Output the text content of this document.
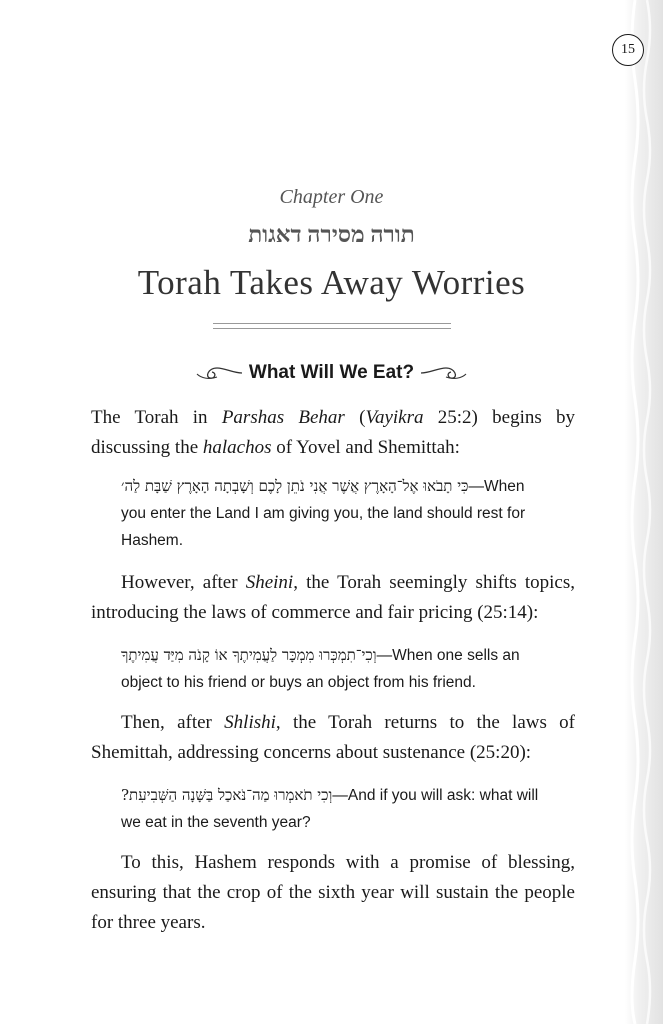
15
Chapter One
תורה מסירה דאגות
Torah Takes Away Worries
What Will We Eat?

The Torah in Parshas Behar (Vayikra 25:2) begins by discussing the halachos of Yovel and Shemittah:

כִּי תָבֹאוּ אֶל־הָאָרֶץ אֲשֶׁר אֲנִי נֹתֵן לָכֶם וְשָׁבְתָה הָאָרֶץ שַׁבָּת לַה׳—When you enter the Land I am giving you, the land should rest for Hashem.

However, after Sheini, the Torah seemingly shifts topics, introducing the laws of commerce and fair pricing (25:14):

וְכִי־תִמְכְּרוּ מִמְכָּר לַעֲמִיתֶךָ אוֹ קָנֹה מִיַּד עֲמִיתֶךָ—When one sells an object to his friend or buys an object from his friend.

Then, after Shlishi, the Torah returns to the laws of Shemittah, addressing concerns about sustenance (25:20):

וְכִי תֹאמְרוּ מַה־נֹּאכַל בַּשָּׁנָה הַשְּׁבִיעִת?—And if you will ask: what will we eat in the seventh year?

To this, Hashem responds with a promise of blessing, ensuring that the crop of the sixth year will sustain the people for three years.
